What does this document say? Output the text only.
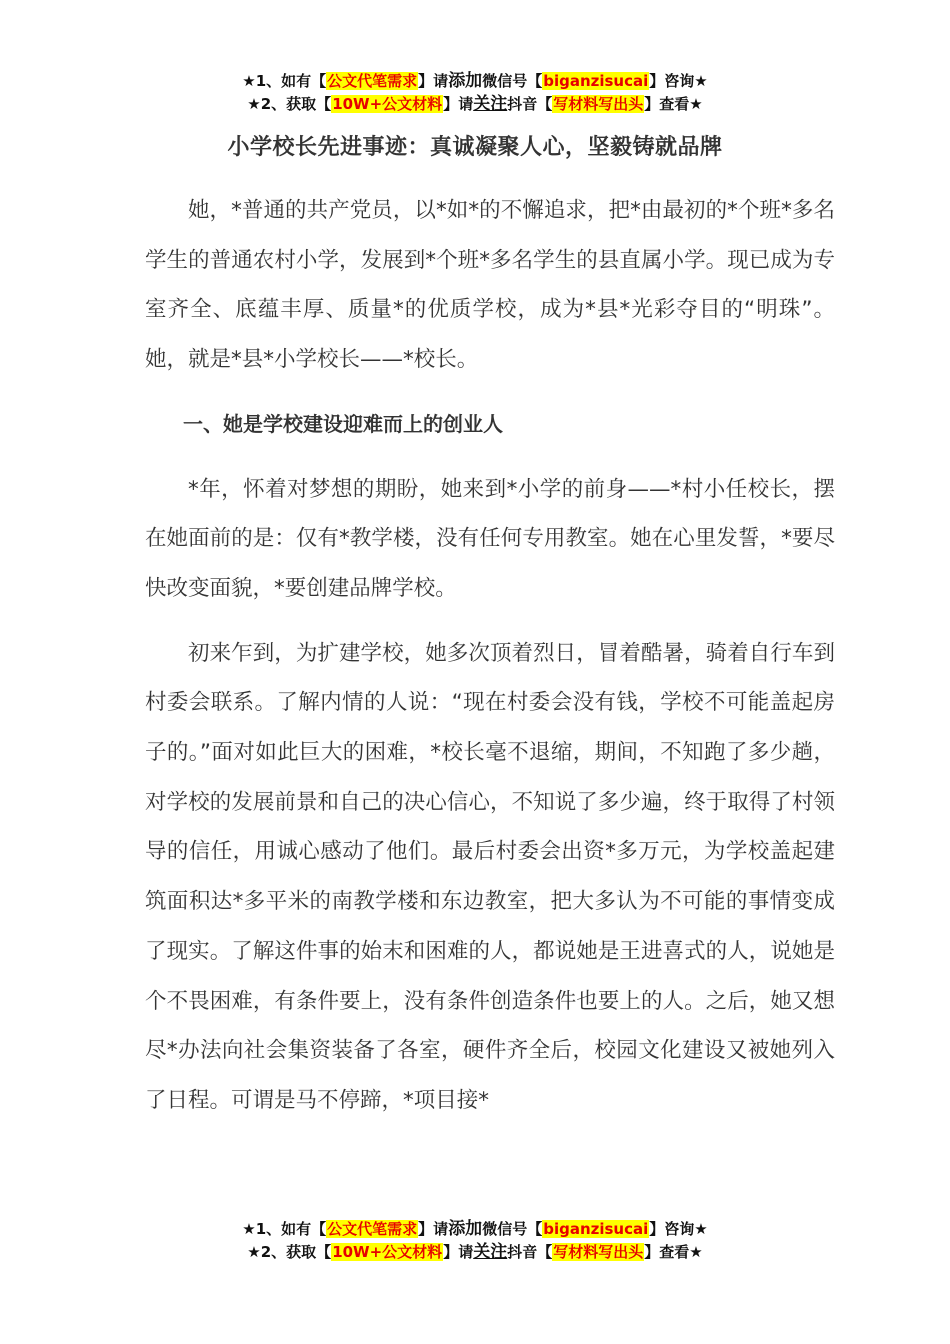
★1、如有【公文代笔需求】请添加微信号【biganzisucai】咨询★
★2、获取【10W+公文材料】请关注抖音【写材料写出头】查看★
小学校长先进事迹：真诚凝聚人心，坚毅铸就品牌

她，*普通的共产党员，以*如*的不懈追求，把*由最初的*个班*多名学生的普通农村小学，发展到*个班*多名学生的县直属小学。现已成为专室齐全、底蕴丰厚、质量*的优质学校，成为*县*光彩夺目的“明珠”。她，就是*县*小学校长——*校长。

一、她是学校建设迎难而上的创业人

*年，怀着对梦想的期盼，她来到*小学的前身——*村小任校长，摆在她面前的是：仅有*教学楼，没有任何专用教室。她在心里发誓，*要尽快改变面貌，*要创建品牌学校。

初来乍到，为扩建学校，她多次顶着烈日，冒着酷暑，骑着自行车到村委会联系。了解内情的人说：“现在村委会没有钱，学校不可能盖起房子的。”面对如此巨大的困难，*校长毫不退缩，期间，不知跑了多少趟，对学校的发展前景和自己的决心信心，不知说了多少遍，终于取得了村领导的信任，用诚心感动了他们。最后村委会出资*多万元，为学校盖起建筑面积达*多平米的南教学楼和东边教室，把大多认为不可能的事情变成了现实。了解这件事的始末和困难的人，都说她是王进喜式的人，说她是个不畏困难，有条件要上，没有条件创造条件也要上的人。之后，她又想尽*办法向社会集资装备了各室，硬件齐全后，校园文化建设又被她列入了日程。可谓是马不停蹄，*项目接*

★1、如有【公文代笔需求】请添加微信号【biganzisucai】咨询★
★2、获取【10W+公文材料】请关注抖音【写材料写出头】查看★
